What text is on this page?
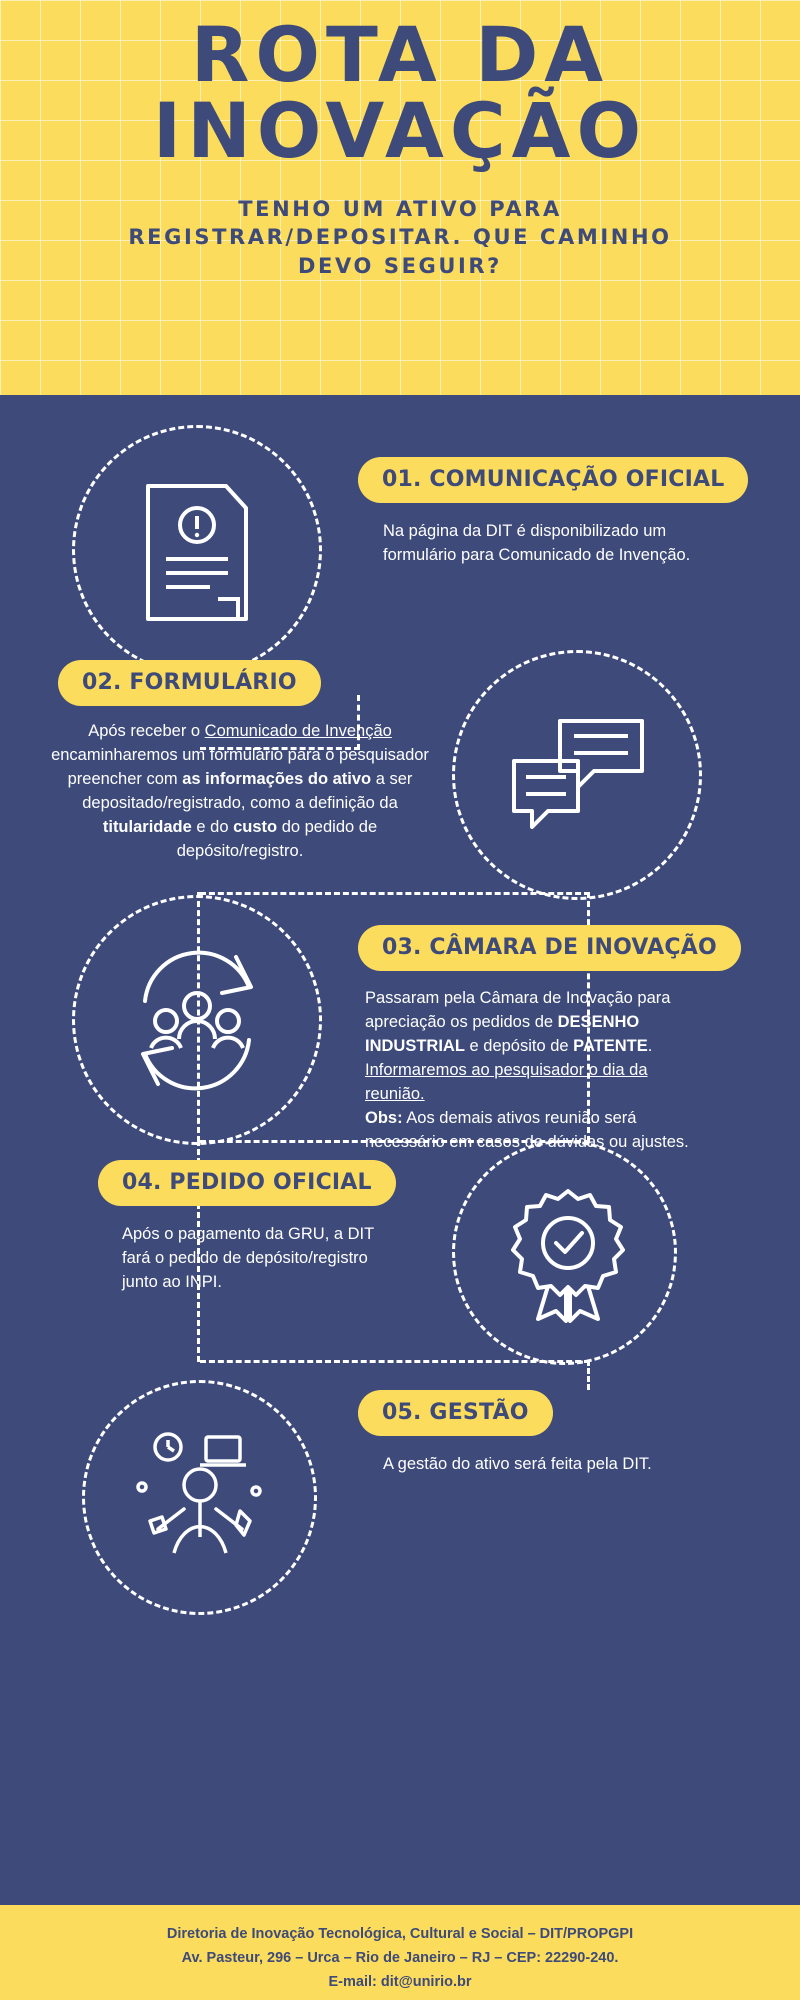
ROTA DA
INOVAÇÃO
TENHO UM ATIVO PARA
REGISTRAR/DEPOSITAR. QUE CAMINHO
DEVO SEGUIR?
01. COMUNICAÇÃO OFICIAL
Na página da DIT é disponibilizado um formulário para Comunicado de Invenção.
02. FORMULÁRIO
Após receber o Comunicado de Invenção encaminharemos um formulário para o pesquisador preencher com as informações do ativo a ser depositado/registrado, como a definição da titularidade e do custo do pedido de depósito/registro.
03. CÂMARA DE INOVAÇÃO
Passaram pela Câmara de Inovação para apreciação os pedidos de DESENHO INDUSTRIAL e depósito de PATENTE. Informaremos ao pesquisador o dia da reunião.
Obs: Aos demais ativos reunião será necessário em casos de dúvidas ou ajustes.
04. PEDIDO OFICIAL
Após o pagamento da GRU, a DIT fará o pedido de depósito/registro junto ao INPI.
05. GESTÃO
A gestão do ativo será feita pela DIT.
Diretoria de Inovação Tecnológica, Cultural e Social – DIT/PROPGPI
Av. Pasteur, 296 – Urca – Rio de Janeiro – RJ – CEP: 22290-240.
E-mail: dit@unirio.br
